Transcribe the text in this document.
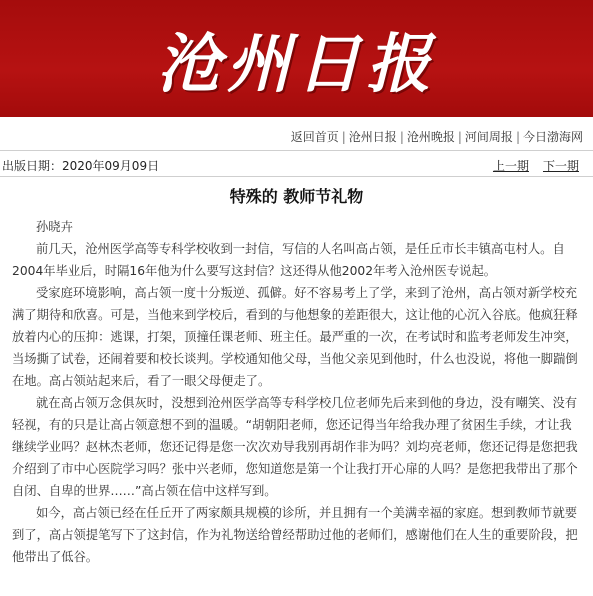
沧州日报
返回首页 | 沧州日报 | 沧州晚报 | 河间周报 | 今日渤海网
出版日期：2020年09月09日	上一期 下一期
特殊的 教师节礼物

孙晓卉

前几天，沧州医学高等专科学校收到一封信，写信的人名叫高占领，是任丘市长丰镇高屯村人。自2004年毕业后，时隔16年他为什么要写这封信？这还得从他2002年考入沧州医专说起。

受家庭环境影响，高占领一度十分叛逆、孤僻。好不容易考上了学，来到了沧州，高占领对新学校充满了期待和欣喜。可是，当他来到学校后，看到的与他想象的差距很大，这让他的心沉入谷底。他疯狂释放着内心的压抑：逃课，打架，顶撞任课老师、班主任。最严重的一次，在考试时和监考老师发生冲突，当场撕了试卷，还闹着要和校长谈判。学校通知他父母，当他父亲见到他时，什么也没说，将他一脚踹倒在地。高占领站起来后，看了一眼父母便走了。

就在高占领万念俱灰时，没想到沧州医学高等专科学校几位老师先后来到他的身边，没有嘲笑、没有轻视，有的只是让高占领意想不到的温暖。“胡朝阳老师，您还记得当年给我办理了贫困生手续，才让我继续学业吗？赵林杰老师，您还记得是您一次次劝导我别再胡作非为吗？刘均亮老师，您还记得是您把我介绍到了市中心医院学习吗？张中兴老师，您知道您是第一个让我打开心扉的人吗？是您把我带出了那个自闭、自卑的世界……”高占领在信中这样写到。

如今，高占领已经在任丘开了两家颇具规模的诊所，并且拥有一个美满幸福的家庭。想到教师节就要到了，高占领提笔写下了这封信，作为礼物送给曾经帮助过他的老师们，感谢他们在人生的重要阶段，把他带出了低谷。
